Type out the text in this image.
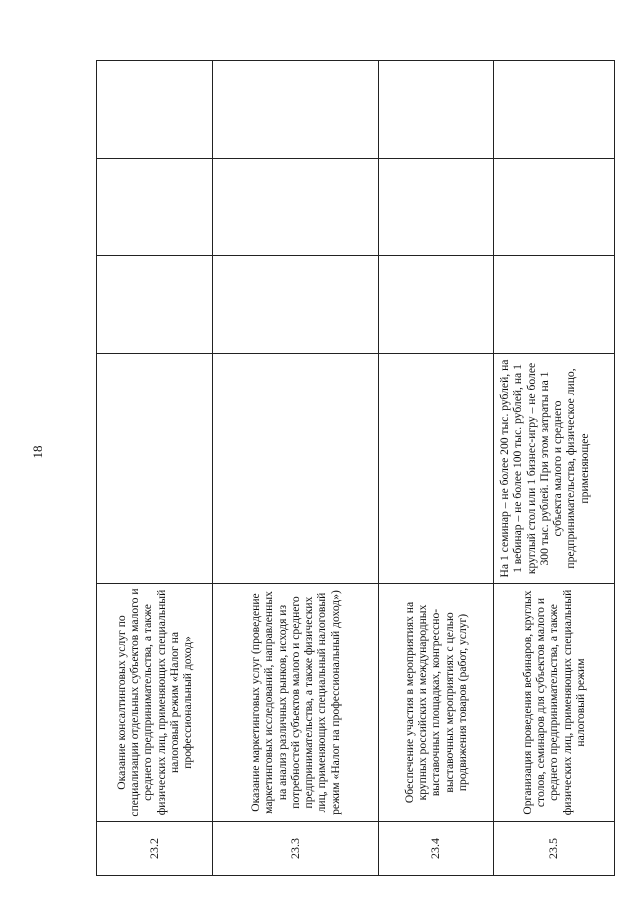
18
23.2	Оказание консалтинговых услуг по специализации отдельных субъектов малого и среднего предпринимательства, а также физических лиц, применяющих специальный налоговый режим «Налог на профессиональный доход»				
23.3	Оказание маркетинговых услуг (проведение маркетинговых исследований, направленных на анализ различных рынков, исходя из потребностей субъектов малого и среднего предпринимательства, а также физических лиц, применяющих специальный налоговый режим «Налог на профессиональный доход»)				
23.4	Обеспечение участия в мероприятиях на крупных российских и международных выставочных площадках, конгрессно-выставочных мероприятиях с целью продвижения товаров (работ, услуг)				
23.5	Организация проведения вебинаров, круглых столов, семинаров для субъектов малого и среднего предпринимательства, а также физических лиц, применяющих специальный налоговый режим	На 1 семинар – не более 200 тыс. рублей, на 1 вебинар – не более 100 тыс. рублей, на 1 круглый стол или 1 бизнес-игру – не более 300 тыс. рублей. При этом затраты на 1 субъекта малого и среднего предпринимательства, физическое лицо, применяющее			
